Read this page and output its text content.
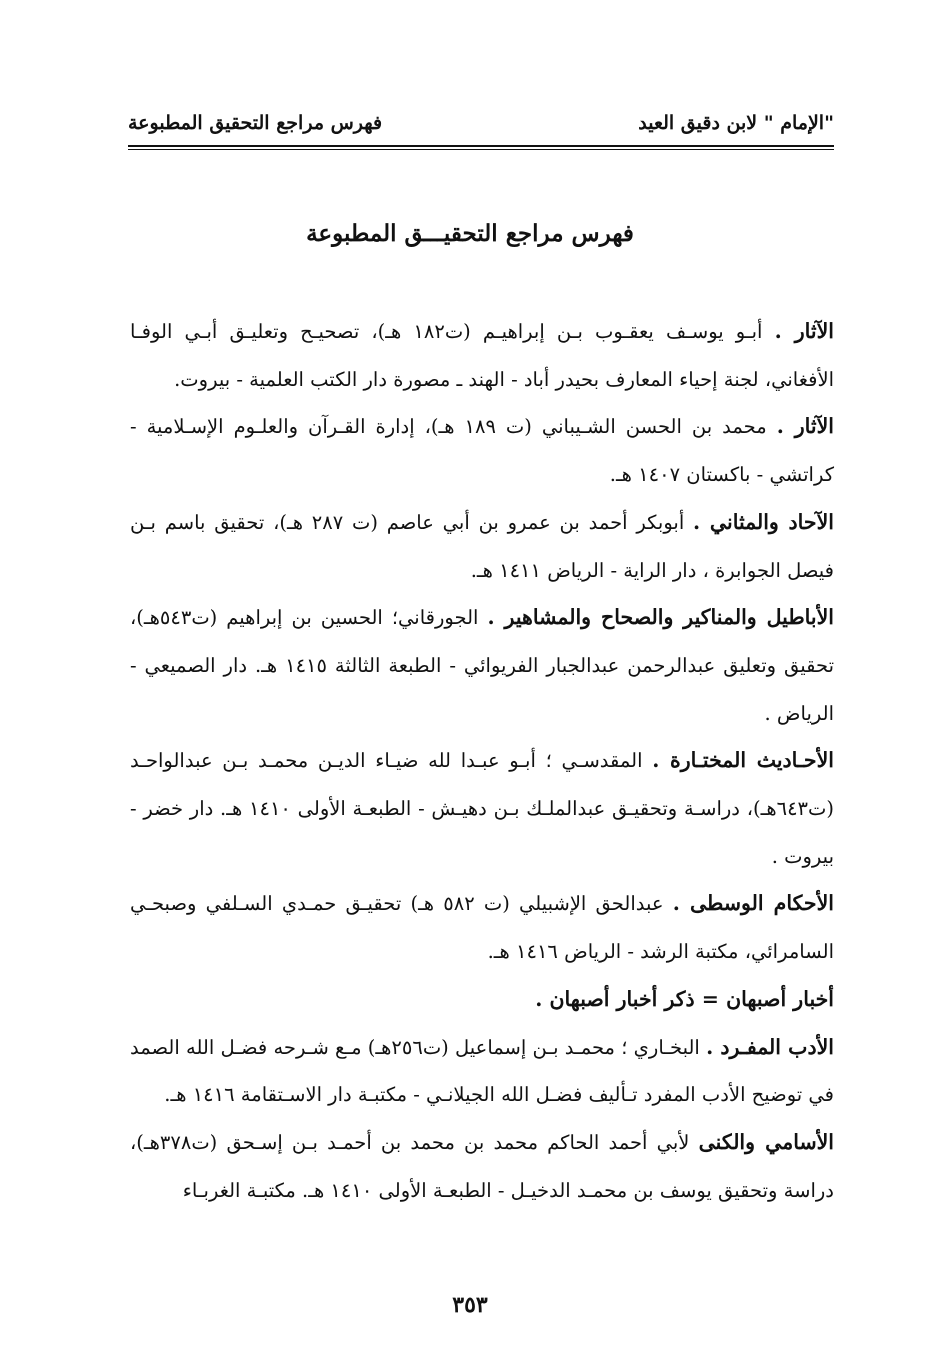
"الإمام " لابن دقيق العيد
فهرس مراجع التحقيق المطبوعة
فهرس مراجع التحقيـــق المطبوعة

الآثار . أبـو يوسـف يعقـوب بـن إبراهيـم (ت١٨٢ هـ)، تصحيـح وتعليـق أبـي الوفـا الأفغاني، لجنة إحياء المعارف بحيدر أباد - الهند ـ مصورة دار الكتب العلمية - بيروت.

الآثار . محمد بن الحسن الشـيباني (ت ١٨٩ هـ)، إدارة القـرآن والعلـوم الإسـلامية - كراتشي - باكستان ١٤٠٧ هـ.

الآحاد والمثاني . أبوبكر أحمد بن عمرو بن أبي عاصم (ت ٢٨٧ هـ)، تحقيق باسم بـن فيصل الجوابرة ، دار الراية - الرياض ١٤١١ هـ.

الأباطيل والمناكير والصحاح والمشاهير . الجورقاني؛ الحسين بن إبراهيم (ت٥٤٣هـ)، تحقيق وتعليق عبدالرحمن عبدالجبار الفريوائي - الطبعة الثالثة ١٤١٥ هـ. دار الصميعي - الرياض .

الأحـاديث المختـارة . المقدسـي ؛ أبـو عبـدا لله ضيـاء الديـن محمـد بـن عبدالواحـد (ت٦٤٣هـ)، دراسـة وتحقيـق عبدالملـك بـن دهيـش - الطبعـة الأولى ١٤١٠ هـ. دار خضر - بيروت .

الأحكام الوسطى . عبدالحق الإشبيلي (ت ٥٨٢ هـ) تحقيـق حمـدي السـلفي وصبحـي السامرائي، مكتبة الرشد - الرياض ١٤١٦ هـ.

أخبار أصبهان = ذكر أخبار أصبهان .

الأدب المفـرد . البخـاري ؛ محمـد بـن إسماعيل (ت٢٥٦هـ) مـع شـرحه فضـل الله الصمد في توضيح الأدب المفرد تـأليف فضـل الله الجيلانـي - مكتبـة دار الاسـتقامة ١٤١٦ هـ.

الأسامي والكنى لأبي أحمد الحاكم محمد بن محمد بن أحمـد بـن إسـحق (ت٣٧٨هـ)، دراسة وتحقيق يوسف بن محمـد الدخيـل - الطبعـة الأولى ١٤١٠ هـ. مكتبـة الغربـاء

٣٥٣
